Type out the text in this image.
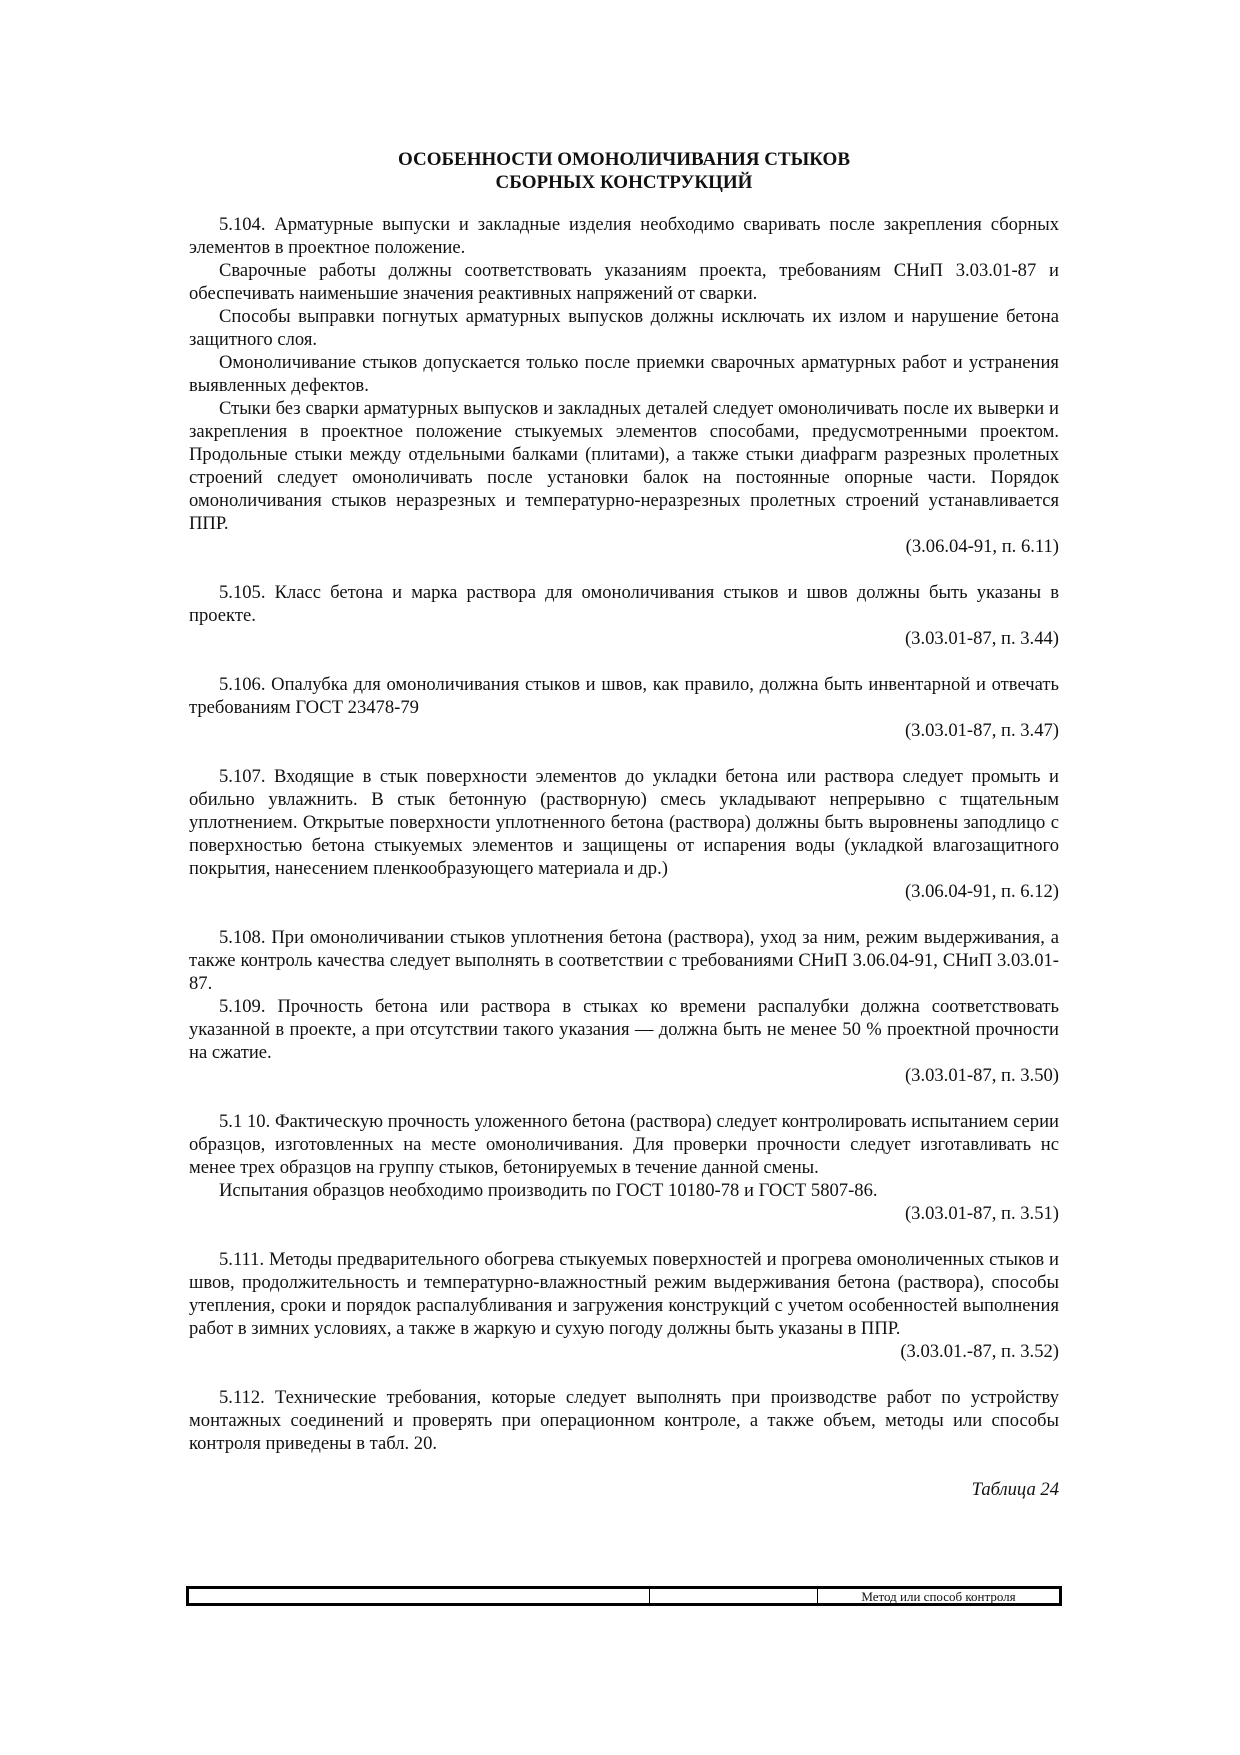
ОСОБЕННОСТИ ОМОНОЛИЧИВАНИЯ СТЫКОВ
СБОРНЫХ КОНСТРУКЦИЙ

5.104. Арматурные выпуски и закладные изделия необходимо сваривать после закрепления сборных элементов в проектное положение.

Сварочные работы должны соответствовать указаниям проекта, требованиям СНиП 3.03.01-87 и обеспечивать наименьшие значения реактивных напряжений от сварки.

Способы выправки погнутых арматурных выпусков должны исключать их излом и нарушение бетона защитного слоя.

Омоноличивание стыков допускается только после приемки сварочных арматурных работ и устранения выявленных дефектов.

Стыки без сварки арматурных выпусков и закладных деталей следует омоноличивать после их выверки и закрепления в проектное положение стыкуемых элементов способами, предусмотренными проектом. Продольные стыки между отдельными балками (плитами), а также стыки диафрагм разрезных пролетных строений следует омоноличивать после установки балок на постоянные опорные части. Порядок омоноличивания стыков неразрезных и температурно-неразрезных пролетных строений устанавливается ППР.

(3.06.04-91, п. 6.11)

5.105. Класс бетона и марка раствора для омоноличивания стыков и швов должны быть указаны в проекте.

(3.03.01-87, п. 3.44)

5.106. Опалубка для омоноличивания стыков и швов, как правило, должна быть инвентарной и отвечать требованиям ГОСТ 23478-79

(3.03.01-87, п. 3.47)

5.107. Входящие в стык поверхности элементов до укладки бетона или раствора следует промыть и обильно увлажнить. В стык бетонную (растворную) смесь укладывают непрерывно с тщательным уплотнением. Открытые поверхности уплотненного бетона (раствора) должны быть выровнены заподлицо с поверхностью бетона стыкуемых элементов и защищены от испарения воды (укладкой влагозащитного покрытия, нанесением пленкообразующего материала и др.)

(3.06.04-91, п. 6.12)

5.108. При омоноличивании стыков уплотнения бетона (раствора), уход за ним, режим выдерживания, а также контроль качества следует выполнять в соответствии с требованиями СНиП 3.06.04-91, СНиП 3.03.01-87.

5.109. Прочность бетона или раствора в стыках ко времени распалубки должна соответствовать указанной в проекте, а при отсутствии такого указания — должна быть не менее 50 % проектной прочности на сжатие.

(3.03.01-87, п. 3.50)

5.1 10. Фактическую прочность уложенного бетона (раствора) следует контролировать испытанием серии образцов, изготовленных на месте омоноличивания. Для проверки прочности следует изготавливать нс менее трех образцов на группу стыков, бетонируемых в течение данной смены.

Испытания образцов необходимо производить по ГОСТ 10180-78 и ГОСТ 5807-86.

(3.03.01-87, п. 3.51)

5.111. Методы предварительного обогрева стыкуемых поверхностей и прогрева омоноличенных стыков и швов, продолжительность и температурно-влажностный режим выдерживания бетона (раствора), способы утепления, сроки и порядок распалубливания и загружения конструкций с учетом особенностей выполнения работ в зимних условиях, а также в жаркую и сухую погоду должны быть указаны в ППР.

(3.03.01.-87, п. 3.52)

5.112. Технические требования, которые следует выполнять при производстве работ по устройству монтажных соединений и проверять при операционном контроле, а также объем, методы или способы контроля приведены в табл. 20.

Таблица 24
Метод или способ контроля
